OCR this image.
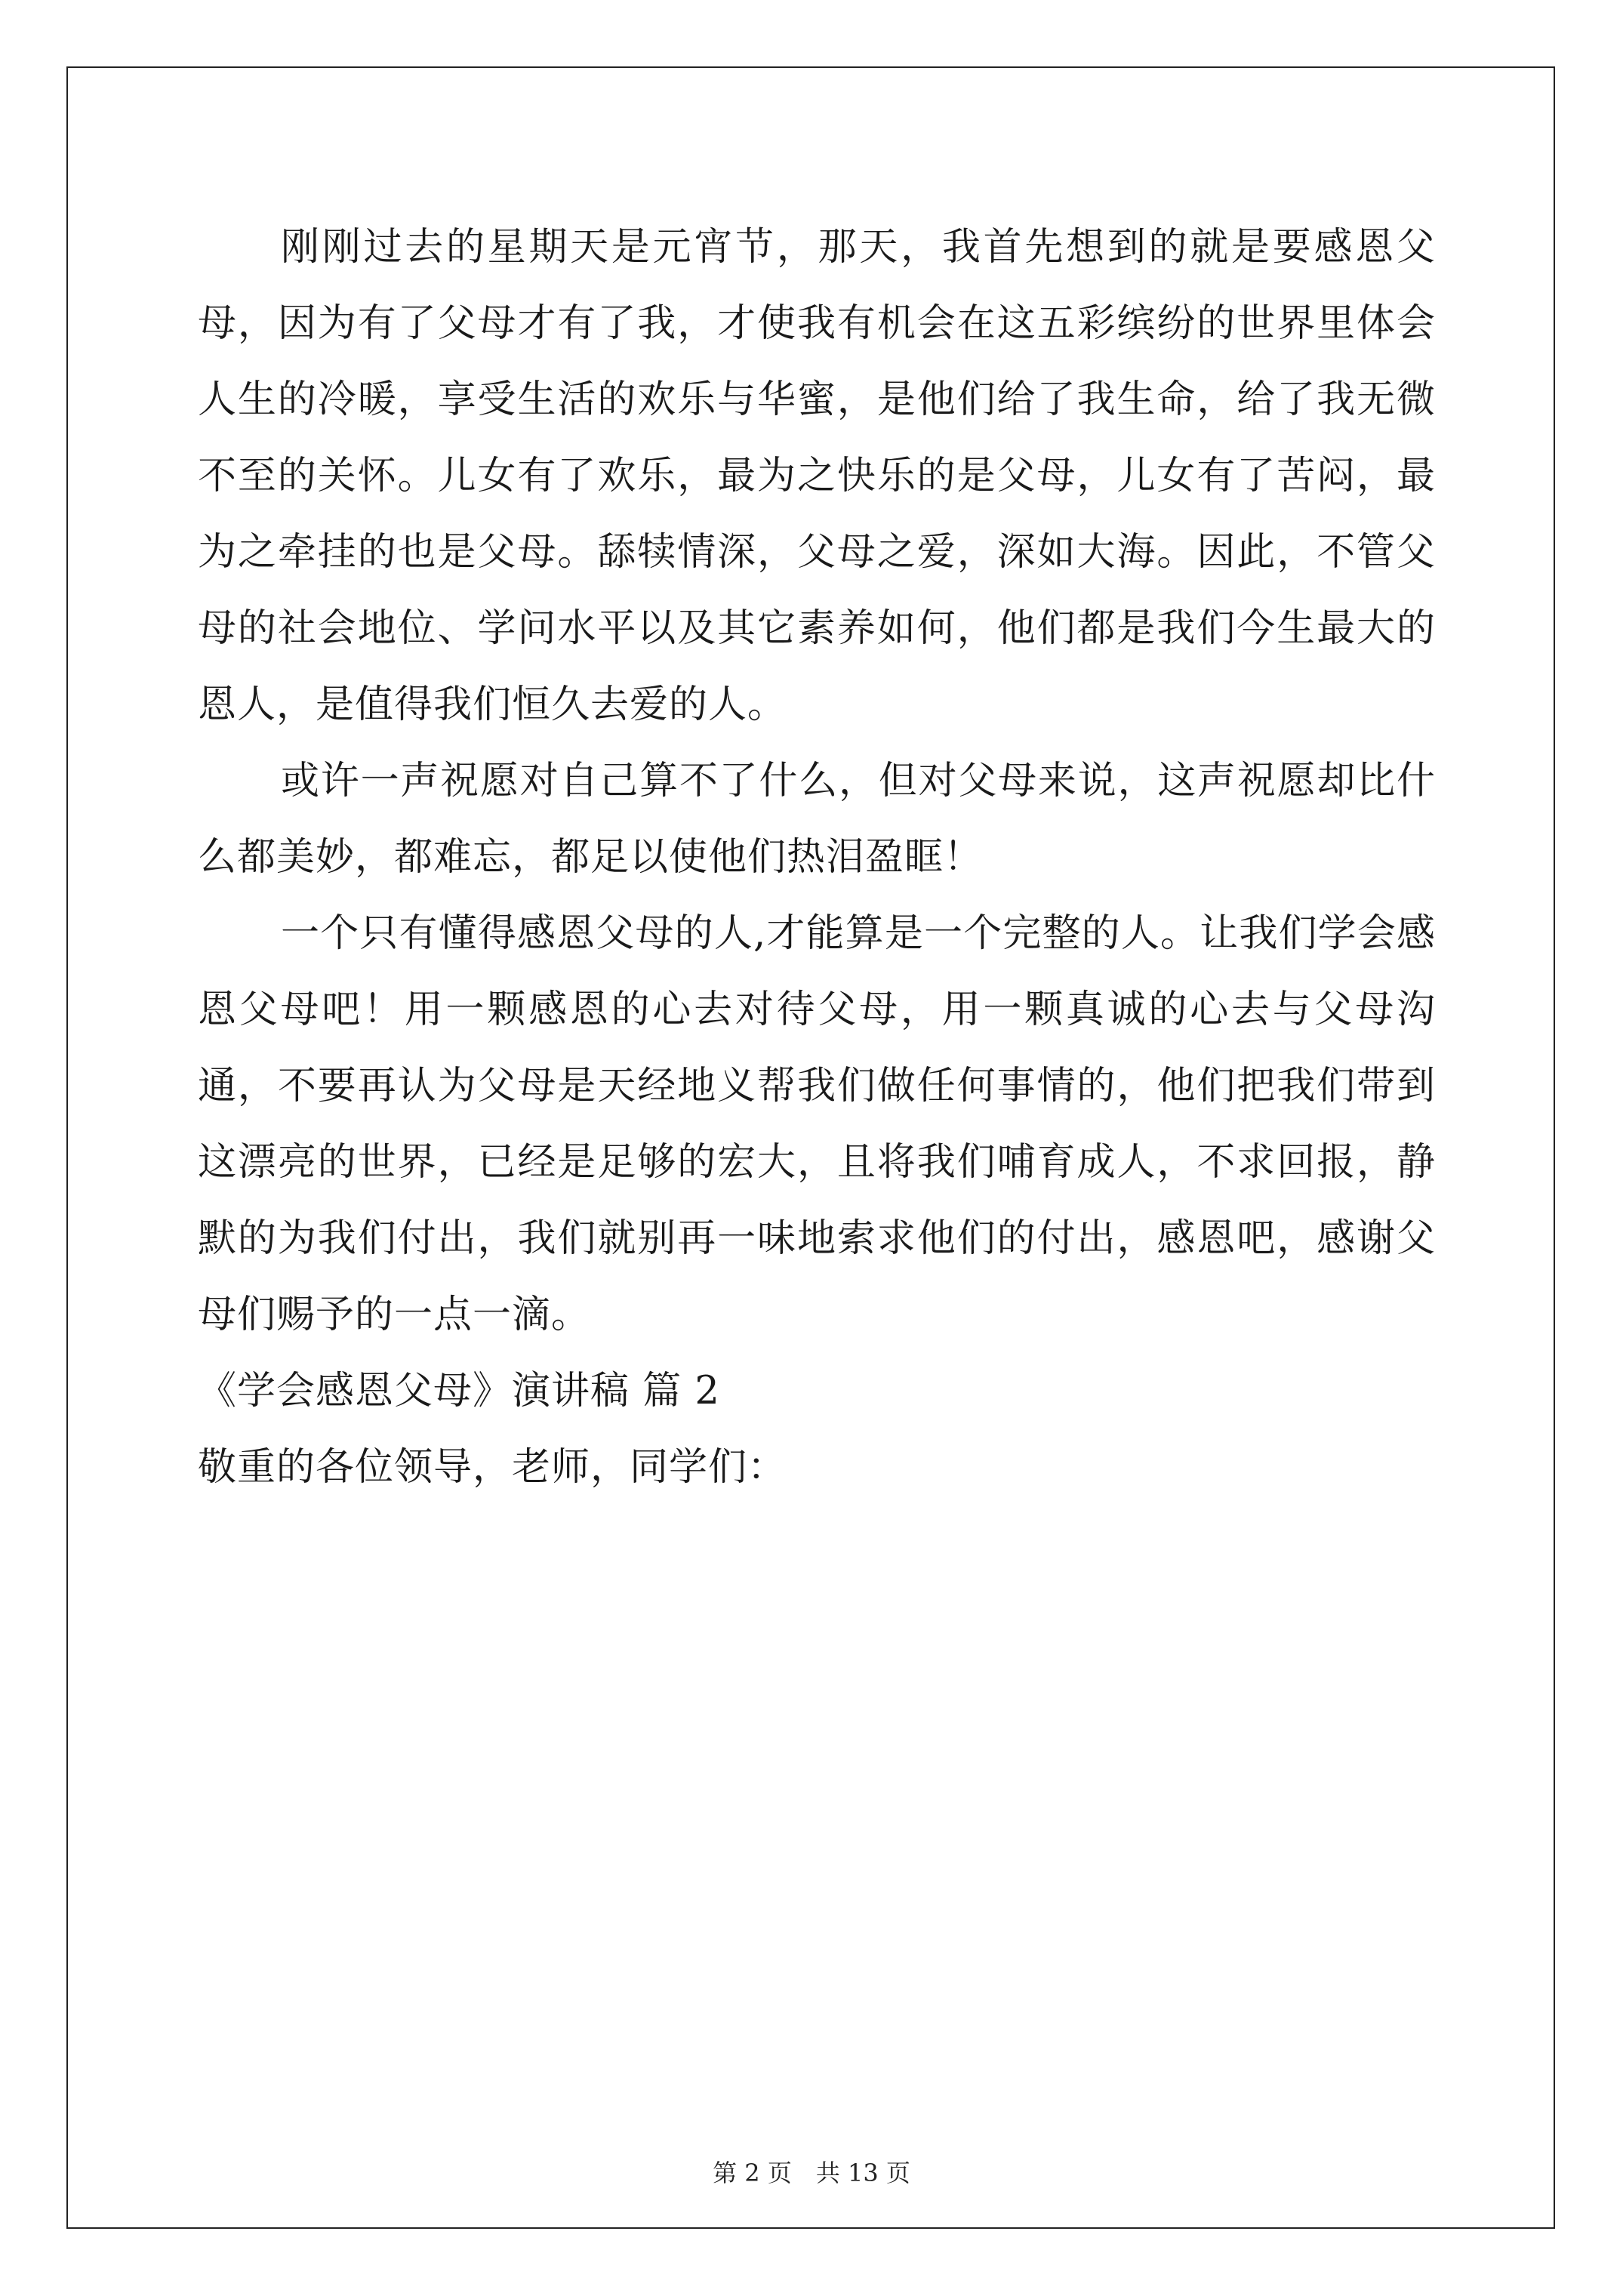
刚刚过去的星期天是元宵节，那天，我首先想到的就是要感恩父母，因为有了父母才有了我，才使我有机会在这五彩缤纷的世界里体会人生的冷暖，享受生活的欢乐与华蜜，是他们给了我生命，给了我无微不至的关怀。儿女有了欢乐，最为之快乐的是父母，儿女有了苦闷，最为之牵挂的也是父母。舔犊情深，父母之爱，深如大海。因此，不管父母的社会地位、学问水平以及其它素养如何，他们都是我们今生最大的恩人，是值得我们恒久去爱的人。

或许一声祝愿对自己算不了什么，但对父母来说，这声祝愿却比什么都美妙，都难忘，都足以使他们热泪盈眶！

一个只有懂得感恩父母的人,才能算是一个完整的人。让我们学会感恩父母吧！用一颗感恩的心去对待父母，用一颗真诚的心去与父母沟通，不要再认为父母是天经地义帮我们做任何事情的，他们把我们带到这漂亮的世界，已经是足够的宏大，且将我们哺育成人，不求回报，静默的为我们付出，我们就别再一味地索求他们的付出，感恩吧，感谢父母们赐予的一点一滴。

《学会感恩父母》演讲稿 篇 2

敬重的各位领导，老师，同学们：

第 2 页　共 13 页
